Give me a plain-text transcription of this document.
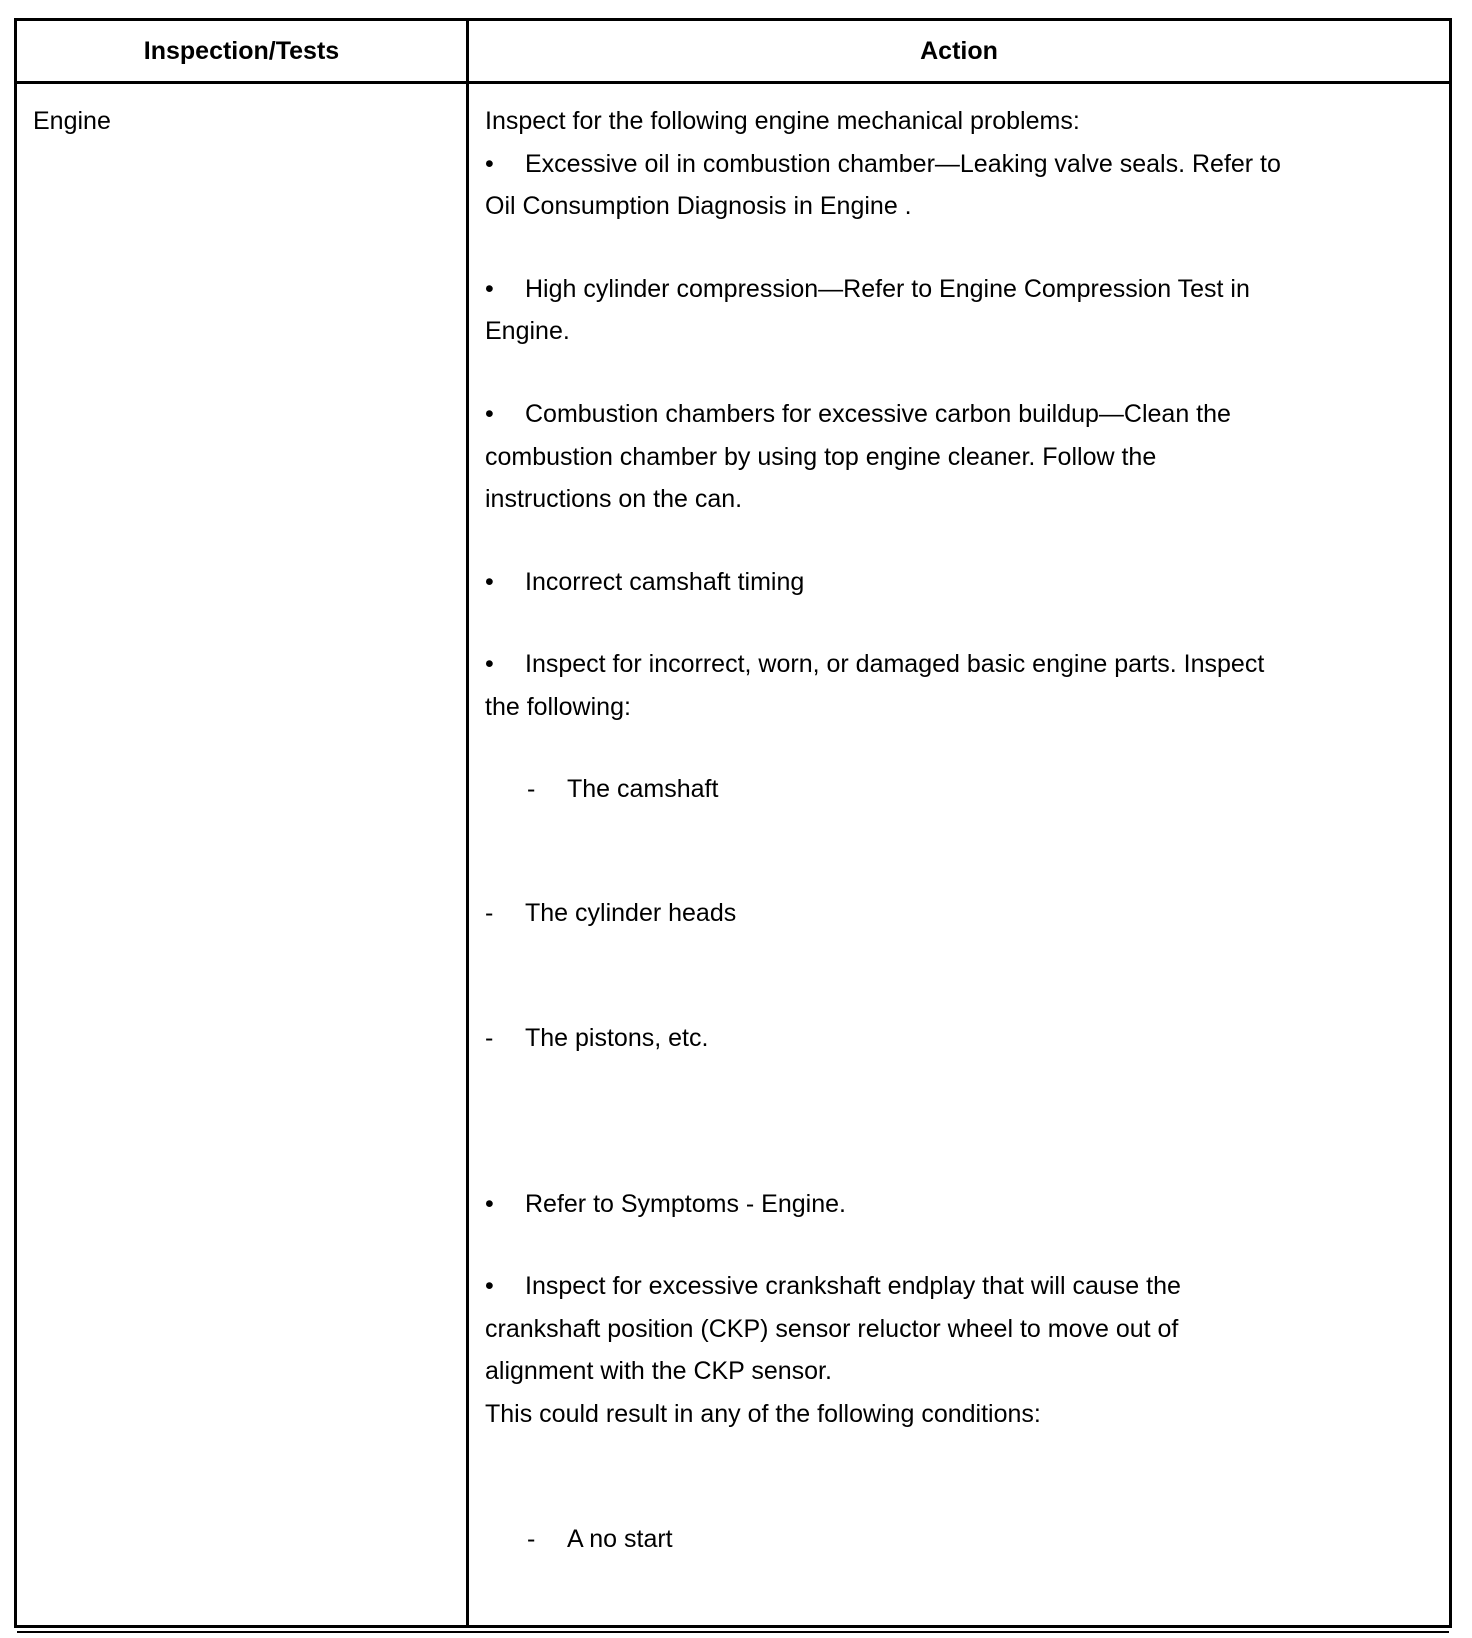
Inspection/Tests	Action
Engine	Inspect for the following engine mechanical problems:
• Excessive oil in combustion chamber—Leaking valve seals. Refer to
Oil Consumption Diagnosis in Engine .
• High cylinder compression—Refer to Engine Compression Test in
Engine.
• Combustion chambers for excessive carbon buildup—Clean the
combustion chamber by using top engine cleaner. Follow the
instructions on the can.
• Incorrect camshaft timing
• Inspect for incorrect, worn, or damaged basic engine parts. Inspect
the following:
- The camshaft
- The cylinder heads
- The pistons, etc.
• Refer to Symptoms - Engine.
• Inspect for excessive crankshaft endplay that will cause the
crankshaft position (CKP) sensor reluctor wheel to move out of
alignment with the CKP sensor.
This could result in any of the following conditions:
- A no start
